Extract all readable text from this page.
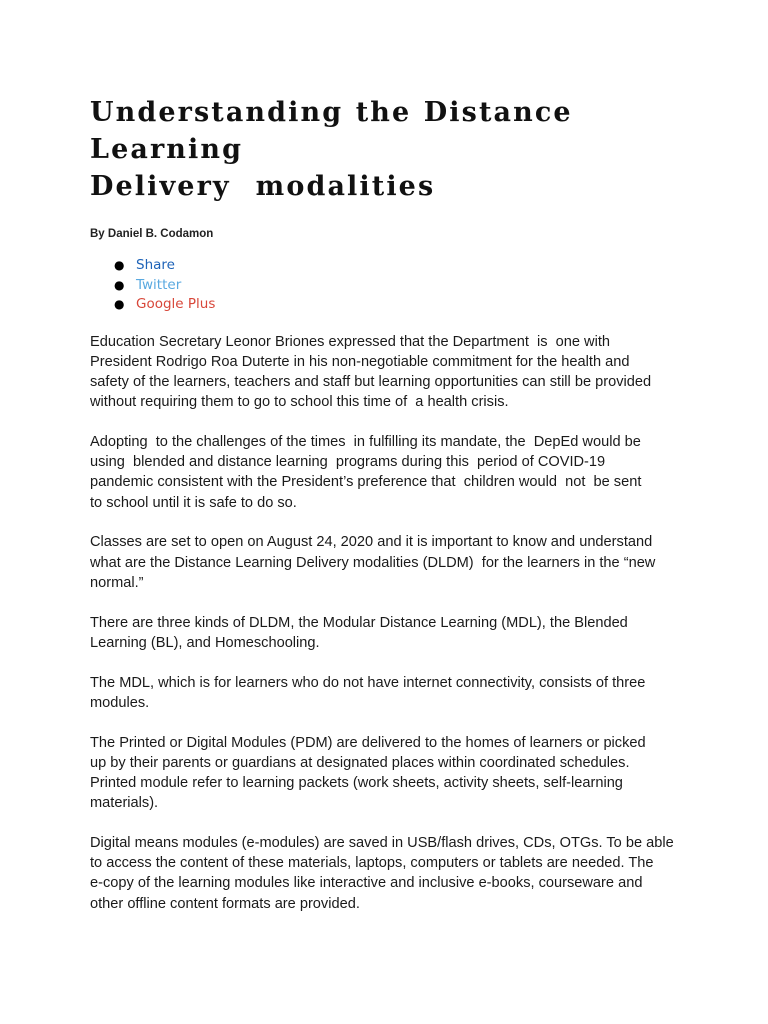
Understanding the Distance Learning
Delivery  modalities
By Daniel B. Codamon
● Share
● Twitter
● Google Plus
Education Secretary Leonor Briones expressed that the Department  is  one with
President Rodrigo Roa Duterte in his non-negotiable commitment for the health and
safety of the learners, teachers and staff but learning opportunities can still be provided
without requiring them to go to school this time of  a health crisis.
Adopting  to the challenges of the times  in fulfilling its mandate, the  DepEd would be
using  blended and distance learning  programs during this  period of COVID-19
pandemic consistent with the President’s preference that  children would  not  be sent
to school until it is safe to do so.
Classes are set to open on August 24, 2020 and it is important to know and understand
what are the Distance Learning Delivery modalities (DLDM)  for the learners in the “new
normal.”
There are three kinds of DLDM, the Modular Distance Learning (MDL), the Blended
Learning (BL), and Homeschooling.
The MDL, which is for learners who do not have internet connectivity, consists of three
modules.
The Printed or Digital Modules (PDM) are delivered to the homes of learners or picked
up by their parents or guardians at designated places within coordinated schedules.
Printed module refer to learning packets (work sheets, activity sheets, self-learning
materials).
Digital means modules (e-modules) are saved in USB/flash drives, CDs, OTGs. To be able
to access the content of these materials, laptops, computers or tablets are needed. The
e-copy of the learning modules like interactive and inclusive e-books, courseware and
other offline content formats are provided.
